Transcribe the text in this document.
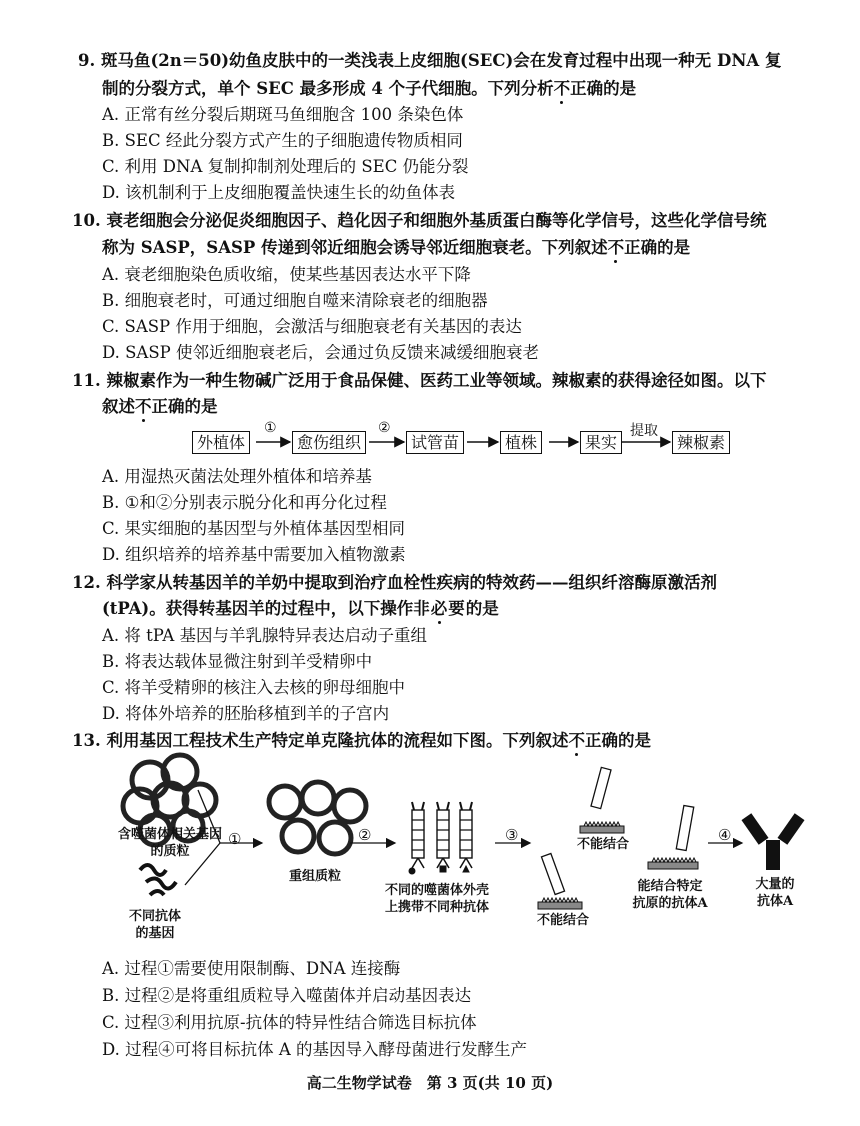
9. 斑马鱼(2n＝50)幼鱼皮肤中的一类浅表上皮细胞(SEC)会在发育过程中出现一种无 DNA 复
制的分裂方式，单个 SEC 最多形成 4 个子代细胞。下列分析不正确的是
A. 正常有丝分裂后期斑马鱼细胞含 100 条染色体
B. SEC 经此分裂方式产生的子细胞遗传物质相同
C. 利用 DNA 复制抑制剂处理后的 SEC 仍能分裂
D. 该机制利于上皮细胞覆盖快速生长的幼鱼体表
10. 衰老细胞会分泌促炎细胞因子、趋化因子和细胞外基质蛋白酶等化学信号，这些化学信号统
称为 SASP，SASP 传递到邻近细胞会诱导邻近细胞衰老。下列叙述不正确的是
A. 衰老细胞染色质收缩，使某些基因表达水平下降
B. 细胞衰老时，可通过细胞自噬来清除衰老的细胞器
C. SASP 作用于细胞，会激活与细胞衰老有关基因的表达
D. SASP 使邻近细胞衰老后，会通过负反馈来减缓细胞衰老
11. 辣椒素作为一种生物碱广泛用于食品保健、医药工业等领域。辣椒素的获得途径如图。以下
叙述不正确的是
外植体
①
愈伤组织
②
试管苗	植株	果实
提取
辣椒素
A. 用湿热灭菌法处理外植体和培养基
B. ①和②分别表示脱分化和再分化过程
C. 果实细胞的基因型与外植体基因型相同
D. 组织培养的培养基中需要加入植物激素
12. 科学家从转基因羊的羊奶中提取到治疗血栓性疾病的特效药——组织纤溶酶原激活剂
(tPA)。获得转基因羊的过程中，以下操作非必要的是
A. 将 tPA 基因与羊乳腺特异表达启动子重组
B. 将表达载体显微注射到羊受精卵中
C. 将羊受精卵的核注入去核的卵母细胞中
D. 将体外培养的胚胎移植到羊的子宫内
13. 利用基因工程技术生产特定单克隆抗体的流程如下图。下列叙述不正确的是
含噬菌体相关基因的质粒
不同抗体
的基因
①
重组质粒
②
不同的噬菌体外壳
上携带不同种抗体
③
不能结合
不能结合
能结合特定
抗原的抗体A
④
大量的
抗体A
A. 过程①需要使用限制酶、DNA 连接酶
B. 过程②是将重组质粒导入噬菌体并启动基因表达
C. 过程③利用抗原-抗体的特异性结合筛选目标抗体
D. 过程④可将目标抗体 A 的基因导入酵母菌进行发酵生产
高二生物学试卷　第 3 页(共 10 页)
